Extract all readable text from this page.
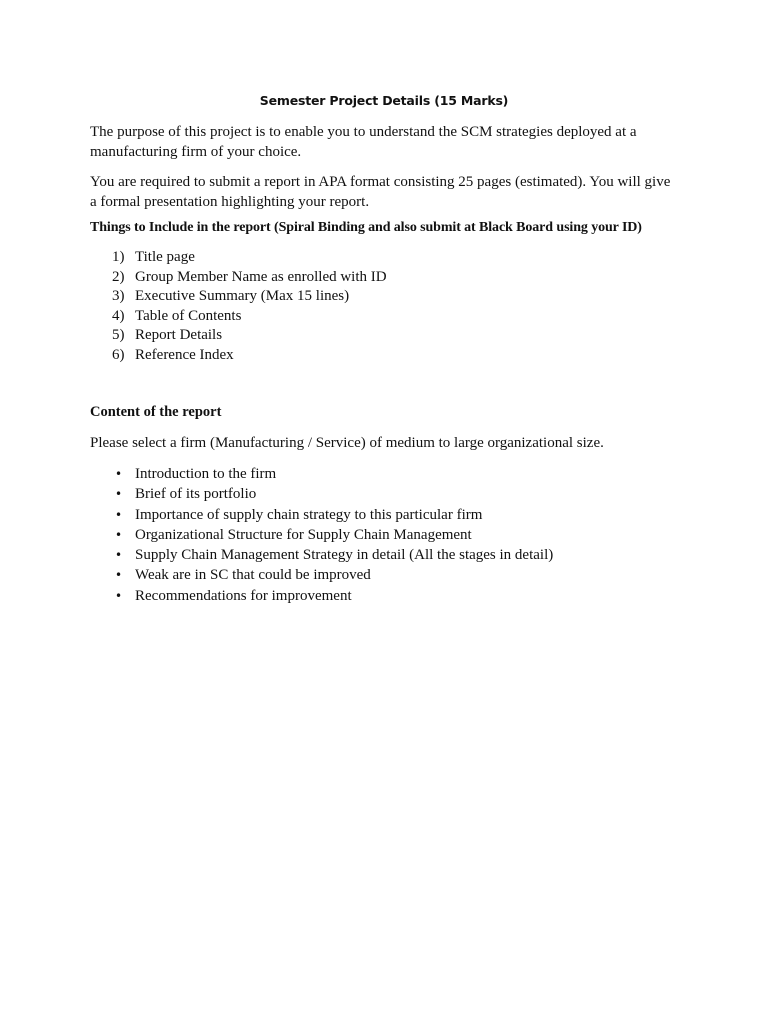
Semester Project Details (15 Marks)

The purpose of this project is to enable you to understand the SCM strategies deployed at a manufacturing firm of your choice.

You are required to submit a report in APA format consisting 25 pages (estimated). You will give a formal presentation highlighting your report.

Things to Include in the report (Spiral Binding and also submit at Black Board using your ID)

1) Title page
2) Group Member Name as enrolled with ID
3) Executive Summary (Max 15 lines)
4) Table of Contents
5) Report Details
6) Reference Index

Content of the report

Please select a firm (Manufacturing / Service) of medium to large organizational size.

• Introduction to the firm
• Brief of its portfolio
• Importance of supply chain strategy to this particular firm
• Organizational Structure for Supply Chain Management
• Supply Chain Management Strategy in detail (All the stages in detail)
• Weak are in SC that could be improved
• Recommendations for improvement
